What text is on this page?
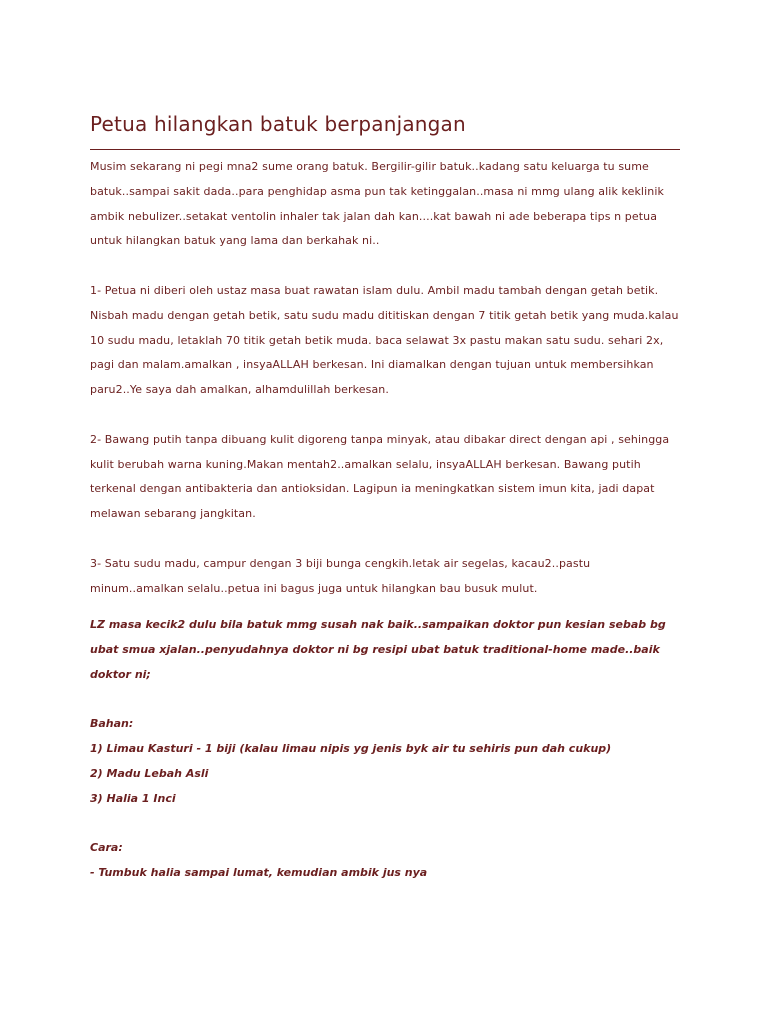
Petua hilangkan batuk berpanjangan

Musim sekarang ni pegi mna2 sume orang batuk. Bergilir-gilir batuk..kadang satu keluarga tu sume batuk..sampai sakit dada..para penghidap asma pun tak ketinggalan..masa ni mmg ulang alik keklinik ambik nebulizer..setakat ventolin inhaler tak jalan dah kan....kat bawah ni ade beberapa tips n petua untuk hilangkan batuk yang lama dan berkahak ni..

1- Petua ni diberi oleh ustaz masa buat rawatan islam dulu. Ambil madu tambah dengan getah betik. Nisbah madu dengan getah betik, satu sudu madu dititiskan dengan 7 titik getah betik yang muda.kalau 10 sudu madu, letaklah 70 titik getah betik muda. baca selawat 3x pastu makan satu sudu. sehari 2x, pagi dan malam.amalkan , insyaALLAH berkesan. Ini diamalkan dengan tujuan untuk membersihkan paru2..Ye saya dah amalkan, alhamdulillah berkesan.

2- Bawang putih tanpa dibuang kulit digoreng tanpa minyak, atau dibakar direct dengan api , sehingga kulit berubah warna kuning.Makan mentah2..amalkan selalu, insyaALLAH berkesan. Bawang putih terkenal dengan antibakteria dan antioksidan. Lagipun ia meningkatkan sistem imun kita, jadi dapat melawan sebarang jangkitan.

3- Satu sudu madu, campur dengan 3 biji bunga cengkih.letak air segelas, kacau2..pastu minum..amalkan selalu..petua ini bagus juga untuk hilangkan bau busuk mulut.

LZ masa kecik2 dulu bila batuk mmg susah nak baik..sampaikan doktor pun kesian sebab bg ubat smua xjalan..penyudahnya doktor ni bg resipi ubat batuk traditional-home made..baik doktor ni;

Bahan:

1) Limau Kasturi - 1 biji (kalau limau nipis yg jenis byk air tu sehiris pun dah cukup)

2) Madu Lebah Asli

3) Halia 1 Inci

Cara:

- Tumbuk halia sampai lumat, kemudian ambik jus nya
